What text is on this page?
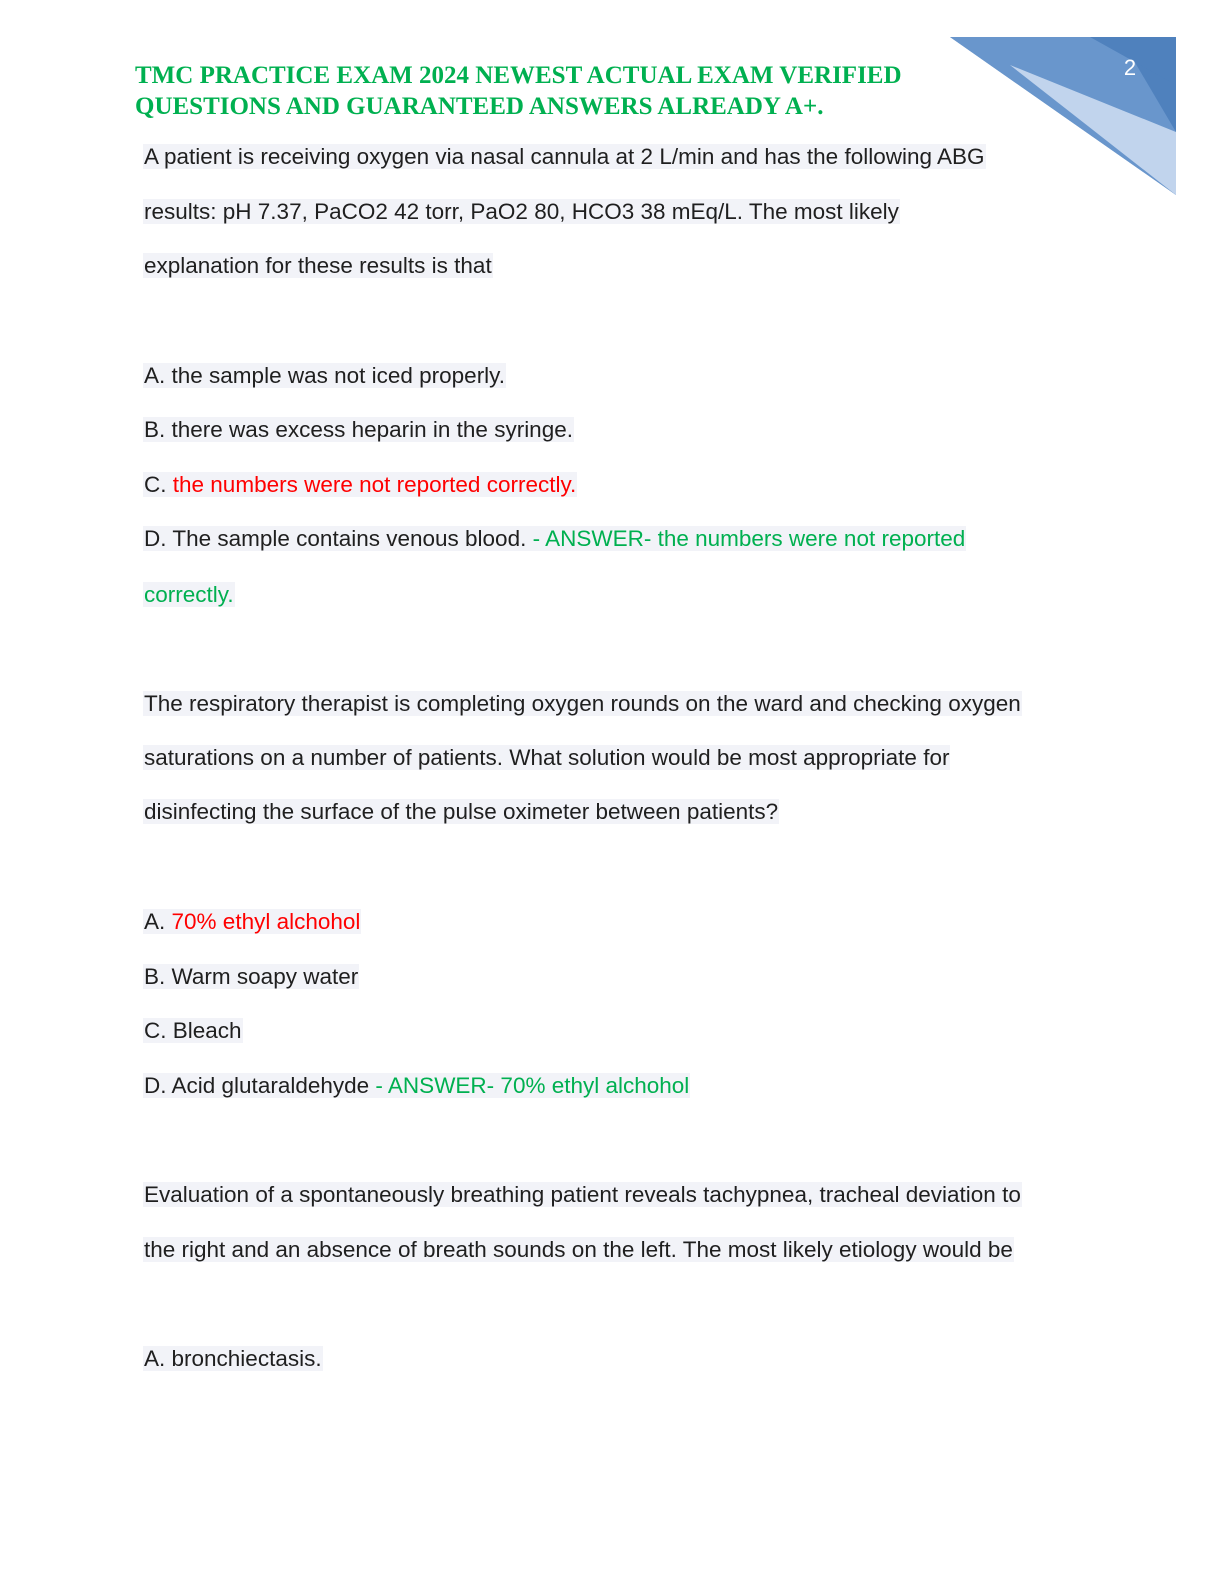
2
TMC PRACTICE EXAM 2024 NEWEST ACTUAL EXAM VERIFIED
QUESTIONS AND GUARANTEED ANSWERS ALREADY A+.
A patient is receiving oxygen via nasal cannula at 2 L/min and has the following ABG
results: pH 7.37, PaCO2 42 torr, PaO2 80, HCO3 38 mEq/L. The most likely
explanation for these results is that
A. the sample was not iced properly.
B. there was excess heparin in the syringe.
C. the numbers were not reported correctly.
D. The sample contains venous blood. - ANSWER- the numbers were not reported
correctly.
The respiratory therapist is completing oxygen rounds on the ward and checking oxygen
saturations on a number of patients. What solution would be most appropriate for
disinfecting the surface of the pulse oximeter between patients?
A. 70% ethyl alchohol
B. Warm soapy water
C. Bleach
D. Acid glutaraldehyde - ANSWER- 70% ethyl alchohol
Evaluation of a spontaneously breathing patient reveals tachypnea, tracheal deviation to
the right and an absence of breath sounds on the left. The most likely etiology would be
A. bronchiectasis.
